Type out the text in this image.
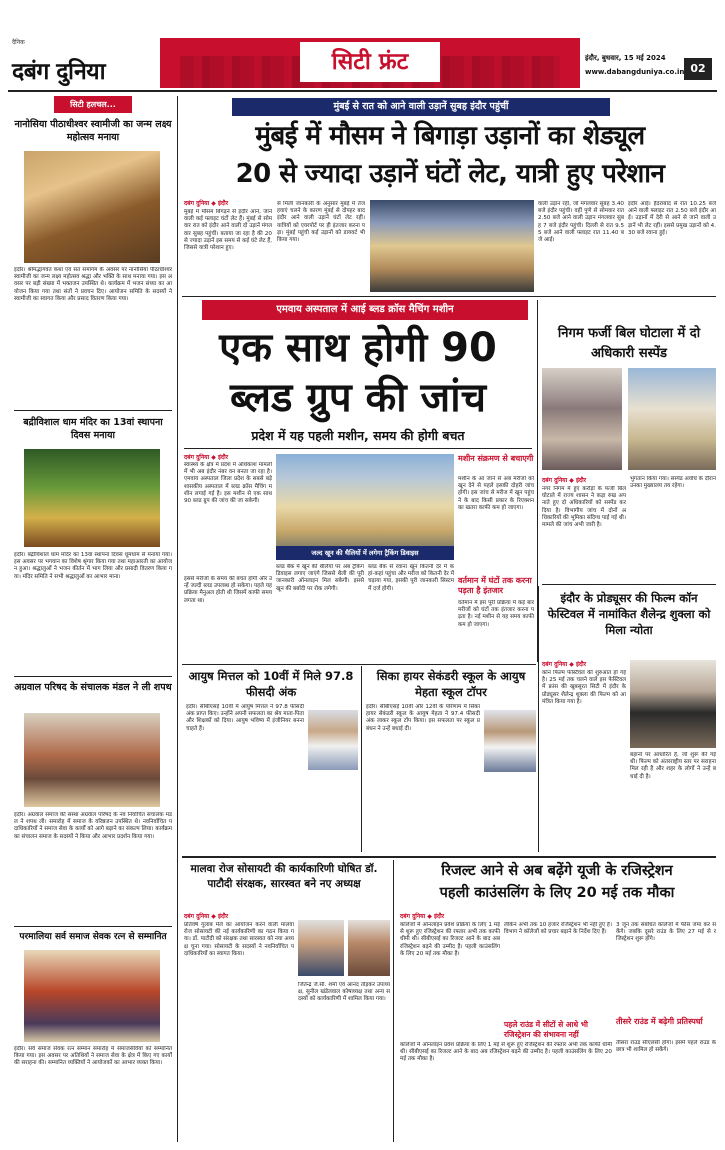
दैनिक
दबंग दुनिया	सिटी फ्रंट	इंदौर, बुधवार, 15 मई 2024
www.dabangduniya.co.in 02
सिटी हलचल...
नानोसिया पीठाधीश्वर स्वामीजी का जन्म लक्ष्य महोत्सव मनाया
इंदौर। श्रीमद्भागवत कथा एवं संत समागम के अवसर पर नानोसिया पीठाधीश्वर स्वामीजी का जन्म लक्ष्य महोत्सव श्रद्धा और भक्ति के साथ मनाया गया। इस अवसर पर बड़ी संख्या में भक्तजन उपस्थित थे। कार्यक्रम में भजन संध्या का आयोजन किया गया तथा संतों ने प्रवचन दिए। आयोजन समिति के सदस्यों ने स्वामीजी का स्वागत किया और प्रसाद वितरण किया गया।
बद्रीविशाल धाम मंदिर का 13वां स्थापना दिवस मनाया
इंदौर। बद्रीविशाल धाम मंदिर का 13वां स्थापना दिवस धूमधाम से मनाया गया। इस अवसर पर भगवान का विशेष श्रृंगार किया गया तथा महाआरती का आयोजन हुआ। श्रद्धालुओं ने भजन कीर्तन में भाग लिया और प्रसादी वितरण किया गया। मंदिर समिति ने सभी श्रद्धालुओं का आभार माना।
अग्रवाल परिषद के संचालक मंडल ने ली शपथ
इंदौर। अग्रवाल समाज की संस्था अग्रवाल परिषद के नव निर्वाचित संचालक मंडल ने शपथ ली। समारोह में समाज के वरिष्ठजन उपस्थित थे। नवनिर्वाचित पदाधिकारियों ने समाज सेवा के कार्यों को आगे बढ़ाने का संकल्प लिया। कार्यक्रम का संचालन समाज के सदस्यों ने किया और आभार प्रदर्शन किया गया।
परमालिया सर्व समाज सेवक रत्न से सम्मानित
इंदौर। सर्व समाज सेवक रत्न सम्मान समारोह में समाजसेवियों को सम्मानित किया गया। इस अवसर पर अतिथियों ने समाज सेवा के क्षेत्र में किए गए कार्यों की सराहना की। सम्मानित व्यक्तियों ने आयोजकों का आभार व्यक्त किया।
मुंबई से रात को आने वाली उड़ानें सुबह इंदौर पहुंचीं
मुंबई में मौसम ने बिगाड़ा उड़ानों का शेड्यूल
20 से ज्यादा उड़ानें घंटों लेट, यात्री हुए परेशान
दबंग दुनिया ◆ इंदौर
मुंबई में मौसम बिगड़ने से इंदौर आने, जाने वाली कई फ्लाइट घंटों लेट हैं। मुंबई से सोमवार रात को इंदौर आने वाली दो उड़ानें मंगलवार सुबह पहुंचीं। बताया जा रहा है की 20 से ज्यादा उड़ानें इस समय से कई घंटे लेट हैं, जिससे यात्री परेशान हुए।
से मिली जानकारी के अनुसार मुंबई में तेज हवाएं चलने के कारण मुंबई से दोपहर बाद इंदौर आने वाली उड़ानें घंटों लेट रहीं। यात्रियों को एयरपोर्ट पर ही इंतजार करना पड़ा। मुंबई पहुंची कई उड़ानों को डायवर्ट भी किया गया।
वाली उड़ान रही, जो मंगलवार सुबह 3.40 बजे इंदौर पहुंची। वहीं पुणे से सोमवार रात 2.50 बजे आने वाली उड़ान मंगलवार सुबह 7 बजे इंदौर पहुंची। दिल्ली से रात 9.55 बजे आने वाली फ्लाइट रात 11.40 बजे आई।
इंदौर आई। हैदराबाद से रात 10.25 बजे आने वाली फ्लाइट रात 2.50 बजे इंदौर आई। उड़ानों में देरी से आने से जाने वाली उड़ानें भी लेट रहीं। इससे प्रमुख उड़ानों को 4.30 बजे रवाना हुई।
एमवाय अस्पताल में आई ब्लड क्रॉस मैचिंग मशीन
एक साथ होगी 90
ब्लड ग्रुप की जांच
प्रदेश में यह पहली मशीन, समय की होगी बचत
दबंग दुनिया ◆ इंदौर
स्वास्थ्य के क्षेत्र में प्रदेश में अधिकांश मामलों में भी अब इंदौर नंबर वन बनता जा रहा है। एमवाय अस्पताल जिला प्रदेश के सबसे बड़े शासकीय अस्पताल में ब्लड क्रॉस मैचिंग मशीन लगाई गई है। इस मशीन से एक साथ 90 ब्लड ग्रुप की जांच की जा सकेगी।
जल्द खून की थैलियों में लगेगा ट्रैकिंग डिवाइस
इससे मरीजों के समय की बचत होगी और उन्हें जल्दी ब्लड उपलब्ध हो सकेगा। पहले यह प्रक्रिया मैनुअल होती थी जिसमें काफी समय लगता था।
ब्लड बैंक में खून की थैलियों पर अब ट्रैकिंग डिवाइस लगाए जाएंगे जिससे थैली की पूरी जानकारी ऑनलाइन मिल सकेगी। इससे खून की बर्बादी पर रोक लगेगी।
ब्लड बैंक से रवाना खून कितनी देर में कहां-कहां पहुंचा और मरीज को कितनी देर में चढ़ाया गया, इसकी पूरी जानकारी सिस्टम में दर्ज होगी।
मशीन संक्रमण से बचाएगी
मशीन के आ जाने से अब मरीजों को खून देने से पहले इसकी दोहरी जांच होगी। इस जांच से मरीज में खून पहुंचने के बाद किसी प्रकार के रिएक्शन का खतरा काफी कम हो जाएगा।
वर्तमान में घंटों तक करना पड़ता है इंतजार
वर्तमान में इस पूरी प्रक्रिया में कई बार मरीजों को घंटों तक इंतजार करना पड़ता है। नई मशीन से यह समय काफी कम हो जाएगा।
निगम फर्जी बिल घोटाला में दो अधिकारी सस्पेंड
दबंग दुनिया ◆ इंदौर
नगर निगम में हुए करोड़ों के फर्जी बिल घोटाले में राज्य शासन ने कड़ा रुख अपनाते हुए दो अधिकारियों को सस्पेंड कर दिया है। विभागीय जांच में दोनों अधिकारियों की भूमिका संदिग्ध पाई गई थी। मामले की जांच अभी जारी है।
भुगतान किया गया। सस्पेंड अवधि के दौरान उनका मुख्यालय तय रहेगा।
इंदौर के प्रोड्यूसर की फिल्म कॉन फेस्टिवल में नामांकित शैलेन्द्र शुक्ला को मिला न्योता
दबंग दुनिया ◆ इंदौर
कॉन फिल्म फेस्टिवल की शुरुआत हो गई है। 25 मई तक चलने वाले इस फेस्टिवल में फ्रांस की खुबसूरत सिटी में इंदौर के प्रोड्यूसर शैलेन्द्र शुक्ला की फिल्म को आमंत्रित किया गया है।
बहानों पर आधारित है, जो शुरू की गई थी। फिल्म को अंतरराष्ट्रीय स्तर पर सराहना मिल रही है और शहर के लोगों ने उन्हें बधाई दी है।
आयुष मित्तल को 10वीं में मिले 97.8 फीसदी अंक
इंदौर। सीबीएसई 10वीं में आयुष मित्तल ने 97.8 फीसदी अंक प्राप्त किए। उन्होंने अपनी सफलता का श्रेय माता-पिता और शिक्षकों को दिया। आयुष भविष्य में इंजीनियर बनना चाहते हैं।
सिका हायर सेकंडरी स्कूल के आयुष मेहता स्कूल टॉपर
इंदौर। सीबीएसई 10वीं और 12वीं के परिणाम में सिका हायर सेकंडरी स्कूल के आयुष मेहता ने 97.4 फीसदी अंक लाकर स्कूल टॉप किया। इस सफलता पर स्कूल प्रबंधन ने उन्हें बधाई दी।
मालवा रोज सोसायटी की कार्यकारिणी घोषित डॉ. पाटौदी संरक्षक, सारस्वत बने नए अध्यक्ष
दबंग दुनिया ◆ इंदौर
प्रतिवर्ष गुलाब मेले का आयोजन करने वाली मालवा रोज सोसायटी की नई कार्यकारिणी का गठन किया गया। डॉ. पाटौदी को संरक्षक तथा सारस्वत को नया अध्यक्ष चुना गया। सोसायटी के सदस्यों ने नवनिर्वाचित पदाधिकारियों का स्वागत किया।
जितेन्द्र जे.सी. शर्मा एवं आनंद तोड़कर उपाध्यक्ष, सुनील खंडेलवाल कोषाध्यक्ष तथा अन्य सदस्यों को कार्यकारिणी में शामिल किया गया।
रिजल्ट आने से अब बढ़ेंगे यूजी के रजिस्ट्रेशन
पहली काउंसलिंग के लिए 20 मई तक मौका
दबंग दुनिया ◆ इंदौर
कॉलेजों में ऑनलाइन प्रवेश प्रक्रिया के लिए 1 मई से शुरू हुए रजिस्ट्रेशन की रफ्तार अभी तक काफी धीमी थी। सीबीएसई का रिजल्ट आने के बाद अब रजिस्ट्रेशन बढ़ने की उम्मीद है। पहली काउंसलिंग के लिए 20 मई तक मौका है।
पहले राउंड में सीटों से आधे भी रजिस्ट्रेशन की संभावना नहीं
लेकिन अभी तक 10 हजार रजिस्ट्रेशन भी नहीं हुए हैं। विभाग ने कॉलेजों को प्रचार बढ़ाने के निर्देश दिए हैं।
3 जून तक संबंधित कॉलेजों में फीस जमा कर सकेंगे। जबकि दूसरे राउंड के लिए 27 मई से रजिस्ट्रेशन शुरू होंगे।
तीसरे राउंड में बढ़ेगी प्रतिस्पर्धा
तीसरा राउंड सीएलसी होगा। इसमें पहले राउंड के छात्र भी शामिल हो सकेंगे।
कॉलेजों में ऑनलाइन प्रवेश प्रक्रिया के लिए 1 मई से शुरू हुए रजिस्ट्रेशन की रफ्तार अभी तक काफी धीमी थी। सीबीएसई का रिजल्ट आने के बाद अब रजिस्ट्रेशन बढ़ने की उम्मीद है। पहली काउंसलिंग के लिए 20 मई तक मौका है।
